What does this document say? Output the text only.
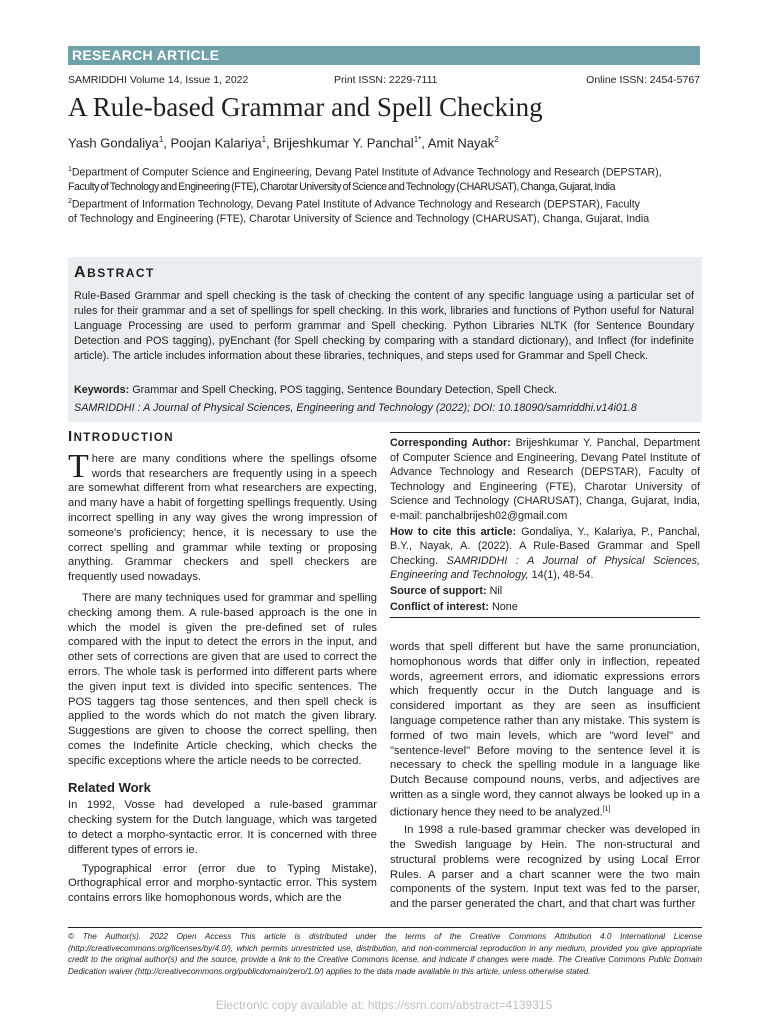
RESEARCH ARTICLE
SAMRIDDHI Volume 14, Issue 1, 2022	Print ISSN: 2229-7111	Online ISSN: 2454-5767
A Rule-based Grammar and Spell Checking
Yash Gondaliya$^1$, Poojan Kalariya$^1$, Brijeshkumar Y. Panchal$^{1*}$, Amit Nayak$^2$
$^1$Department of Computer Science and Engineering, Devang Patel Institute of Advance Technology and Research (DEPSTAR),
Faculty of Technology and Engineering (FTE), Charotar University of Science and Technology (CHARUSAT), Changa, Gujarat, India
$^2$Department of Information Technology, Devang Patel Institute of Advance Technology and Research (DEPSTAR), Faculty
of Technology and Engineering (FTE), Charotar University of Science and Technology (CHARUSAT), Changa, Gujarat, India
ABSTRACT
Rule-Based Grammar and spell checking is the task of checking the content of any specific language using a particular set of rules for their grammar and a set of spellings for spell checking. In this work, libraries and functions of Python useful for Natural Language Processing are used to perform grammar and Spell checking. Python Libraries NLTK (for Sentence Boundary Detection and POS tagging), pyEnchant (for Spell checking by comparing with a standard dictionary), and Inflect (for indefinite article). The article includes information about these libraries, techniques, and steps used for Grammar and Spell Check.
Keywords: Grammar and Spell Checking, POS tagging, Sentence Boundary Detection, Spell Check.
SAMRIDDHI : A Journal of Physical Sciences, Engineering and Technology (2022); DOI: 10.18090/samriddhi.v14i01.8
INTRODUCTION

There are many conditions where the spellings ofsome words that researchers are frequently using in a speech are somewhat different from what researchers are expecting, and many have a habit of forgetting spellings frequently. Using incorrect spelling in any way gives the wrong impression of someone's proficiency; hence, it is necessary to use the correct spelling and grammar while texting or proposing anything. Grammar checkers and spell checkers are frequently used nowadays.

There are many techniques used for grammar and spelling checking among them. A rule-based approach is the one in which the model is given the pre-defined set of rules compared with the input to detect the errors in the input, and other sets of corrections are given that are used to correct the errors. The whole task is performed into different parts where the given input text is divided into specific sentences. The POS taggers tag those sentences, and then spell check is applied to the words which do not match the given library. Suggestions are given to choose the correct spelling, then comes the Indefinite Article checking, which checks the specific exceptions where the article needs to be corrected.

Related Work

In 1992, Vosse had developed a rule-based grammar checking system for the Dutch language, which was targeted to detect a morpho-syntactic error. It is concerned with three different types of errors ie.

Typographical error (error due to Typing Mistake), Orthographical error and morpho-syntactic error. This system contains errors like homophonous words, which are the

Corresponding Author: Brijeshkumar Y. Panchal, Department of Computer Science and Engineering, Devang Patel Institute of Advance Technology and Research (DEPSTAR), Faculty of Technology and Engineering (FTE), Charotar University of Science and Technology (CHARUSAT), Changa, Gujarat, India, e-mail: panchalbrijesh02@gmail.com
How to cite this article: Gondaliya, Y., Kalariya, P., Panchal, B.Y., Nayak, A. (2022). A Rule-Based Grammar and Spell Checking. SAMRIDDHI : A Journal of Physical Sciences, Engineering and Technology, 14(1), 48-54.
Source of support: Nil
Conflict of interest: None

words that spell different but have the same pronunciation, homophonous words that differ only in inflection, repeated words, agreement errors, and idiomatic expressions errors which frequently occur in the Dutch language and is considered important as they are seen as insufficient language competence rather than any mistake. This system is formed of two main levels, which are "word level" and "sentence-level" Before moving to the sentence level it is necessary to check the spelling module in a language like Dutch Because compound nouns, verbs, and adjectives are written as a single word, they cannot always be looked up in a dictionary hence they need to be analyzed.[1]

In 1998 a rule-based grammar checker was developed in the Swedish language by Hein. The non-structural and structural problems were recognized by using Local Error Rules. A parser and a chart scanner were the two main components of the system. Input text was fed to the parser, and the parser generated the chart, and that chart was further

© The Author(s). 2022 Open Access This article is distributed under the terms of the Creative Commons Attribution 4.0 International License (http://creativecommons.org/licenses/by/4.0/), which permits unrestricted use, distribution, and non-commercial reproduction in any medium, provided you give appropriate credit to the original author(s) and the source, provide a link to the Creative Commons license, and indicate if changes were made. The Creative Commons Public Domain Dedication waiver (http://creativecommons.org/publicdomain/zero/1.0/) applies to the data made available in this article, unless otherwise stated.
Electronic copy available at: https://ssrn.com/abstract=4139315
